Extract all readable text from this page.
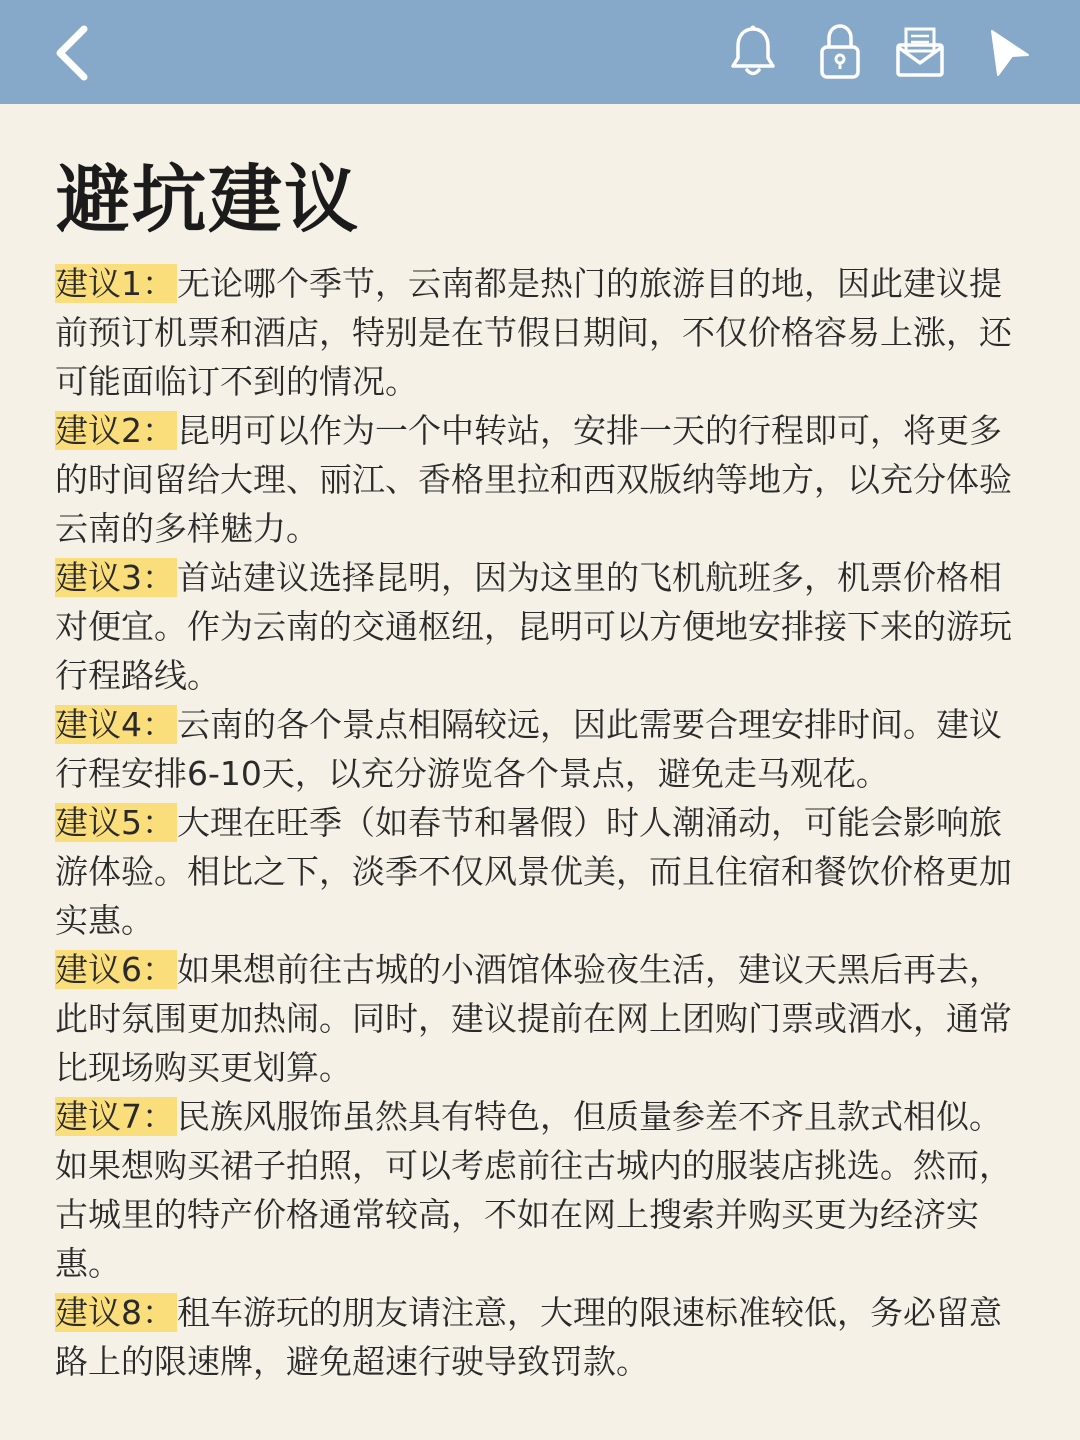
避坑建议

建议1：无论哪个季节，云南都是热门的旅游目的地，因此建议提前预订机票和酒店，特别是在节假日期间，不仅价格容易上涨，还可能面临订不到的情况。

建议2：昆明可以作为一个中转站，安排一天的行程即可，将更多的时间留给大理、丽江、香格里拉和西双版纳等地方，以充分体验云南的多样魅力。

建议3：首站建议选择昆明，因为这里的飞机航班多，机票价格相对便宜。作为云南的交通枢纽，昆明可以方便地安排接下来的游玩行程路线。

建议4：云南的各个景点相隔较远，因此需要合理安排时间。建议行程安排6-10天，以充分游览各个景点，避免走马观花。

建议5：大理在旺季（如春节和暑假）时人潮涌动，可能会影响旅游体验。相比之下，淡季不仅风景优美，而且住宿和餐饮价格更加实惠。

建议6：如果想前往古城的小酒馆体验夜生活，建议天黑后再去，此时氛围更加热闹。同时，建议提前在网上团购门票或酒水，通常比现场购买更划算。

建议7：民族风服饰虽然具有特色，但质量参差不齐且款式相似。如果想购买裙子拍照，可以考虑前往古城内的服装店挑选。然而，古城里的特产价格通常较高，不如在网上搜索并购买更为经济实惠。

建议8：租车游玩的朋友请注意，大理的限速标准较低，务必留意路上的限速牌，避免超速行驶导致罚款。
